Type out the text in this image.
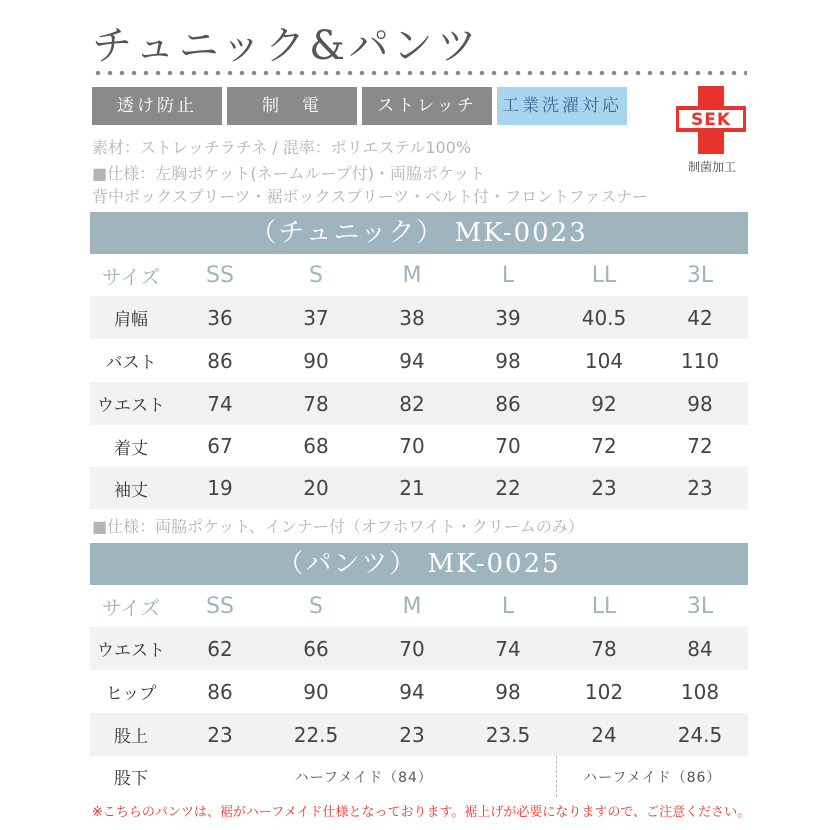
チュニック&パンツ
透け防止	制　電	ストレッチ	工業洗濯対応
SEK
制菌加工
素材：ストレッチラチネ / 混率：ポリエステル100%
■仕様：左胸ポケット(ネームループ付)・両脇ポケット
背中ボックスプリーツ・裾ボックスプリーツ・ベルト付・フロントファスナー
（チュニック） MK-0023
サイズ	SS	S	M	L	LL	3L
肩幅	36	37	38	39	40.5	42
バスト	86	90	94	98	104	110
ウエスト	74	78	82	86	92	98
着丈	67	68	70	70	72	72
袖丈	19	20	21	22	23	23
■仕様：両脇ポケット、インナー付（オフホワイト・クリームのみ）
（パンツ） MK-0025
サイズ	SS	S	M	L	LL	3L
ウエスト	62	66	70	74	78	84
ヒップ	86	90	94	98	102	108
股上	23	22.5	23	23.5	24	24.5
股下	ハーフメイド（84）				ハーフメイド（86）	
※こちらのパンツは、裾がハーフメイド仕様となっております。裾上げが必要になりますので、ご注意ください。
